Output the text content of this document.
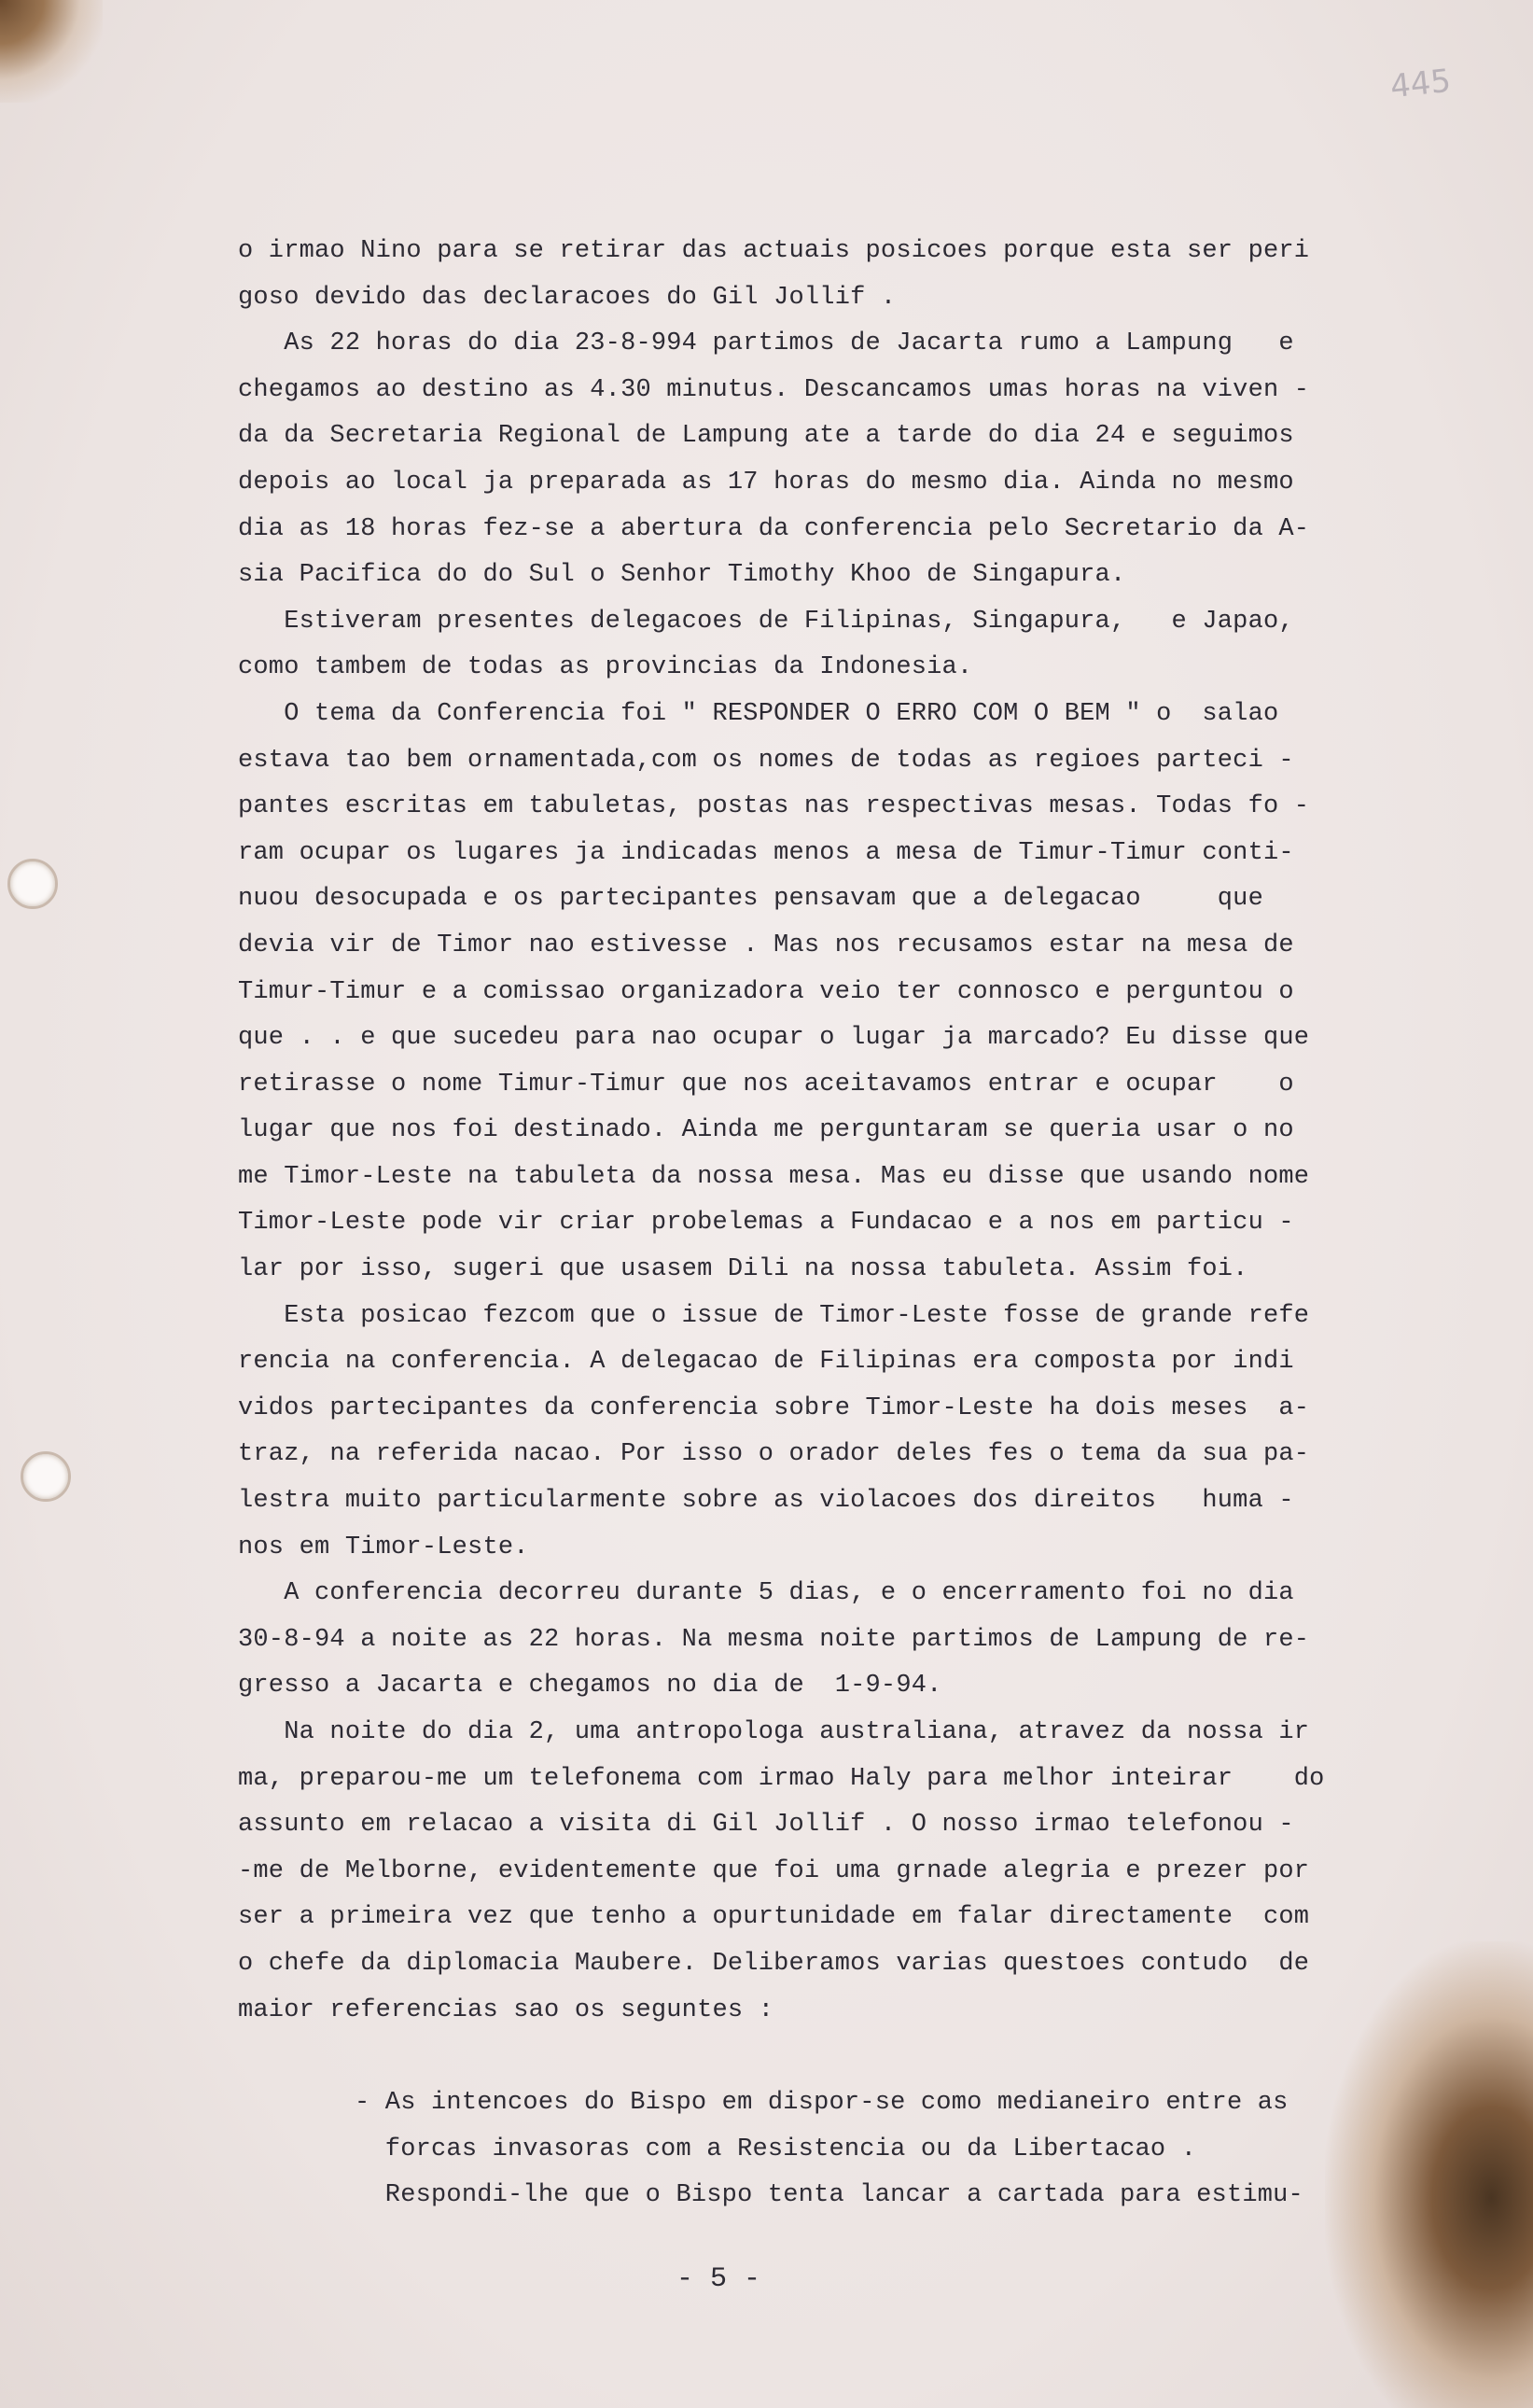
445
o irmao Nino para se retirar das actuais posicoes porque esta ser peri
goso devido das declaracoes do Gil Jollif .
As 22 horas do dia 23-8-994 partimos de Jacarta rumo a Lampung   e
chegamos ao destino as 4.30 minutus. Descancamos umas horas na viven -
da da Secretaria Regional de Lampung ate a tarde do dia 24 e seguimos
depois ao local ja preparada as 17 horas do mesmo dia. Ainda no mesmo
dia as 18 horas fez-se a abertura da conferencia pelo Secretario da A-
sia Pacifica do do Sul o Senhor Timothy Khoo de Singapura.
Estiveram presentes delegacoes de Filipinas, Singapura,   e Japao,
como tambem de todas as provincias da Indonesia.
O tema da Conferencia foi " RESPONDER O ERRO COM O BEM " o  salao
estava tao bem ornamentada,com os nomes de todas as regioes parteci -
pantes escritas em tabuletas, postas nas respectivas mesas. Todas fo -
ram ocupar os lugares ja indicadas menos a mesa de Timur-Timur conti-
nuou desocupada e os partecipantes pensavam que a delegacao     que
devia vir de Timor nao estivesse . Mas nos recusamos estar na mesa de
Timur-Timur e a comissao organizadora veio ter connosco e perguntou o
que . . e que sucedeu para nao ocupar o lugar ja marcado? Eu disse que
retirasse o nome Timur-Timur que nos aceitavamos entrar e ocupar    o
lugar que nos foi destinado. Ainda me perguntaram se queria usar o no
me Timor-Leste na tabuleta da nossa mesa. Mas eu disse que usando nome
Timor-Leste pode vir criar probelemas a Fundacao e a nos em particu -
lar por isso, sugeri que usasem Dili na nossa tabuleta. Assim foi.
Esta posicao fezcom que o issue de Timor-Leste fosse de grande refe
rencia na conferencia. A delegacao de Filipinas era composta por indi
vidos partecipantes da conferencia sobre Timor-Leste ha dois meses  a-
traz, na referida nacao. Por isso o orador deles fes o tema da sua pa-
lestra muito particularmente sobre as violacoes dos direitos   huma -
nos em Timor-Leste.
A conferencia decorreu durante 5 dias, e o encerramento foi no dia
30-8-94 a noite as 22 horas. Na mesma noite partimos de Lampung de re-
gresso a Jacarta e chegamos no dia de  1-9-94.
Na noite do dia 2, uma antropologa australiana, atravez da nossa ir
ma, preparou-me um telefonema com irmao Haly para melhor inteirar    do
assunto em relacao a visita di Gil Jollif . O nosso irmao telefonou -
-me de Melborne, evidentemente que foi uma grnade alegria e prezer por
ser a primeira vez que tenho a opurtunidade em falar directamente  com
o chefe da diplomacia Maubere. Deliberamos varias questoes contudo  de
maior referencias sao os seguntes :
- As intencoes do Bispo em dispor-se como medianeiro entre as
forcas invasoras com a Resistencia ou da Libertacao .
Respondi-lhe que o Bispo tenta lancar a cartada para estimu-
- 5 -
